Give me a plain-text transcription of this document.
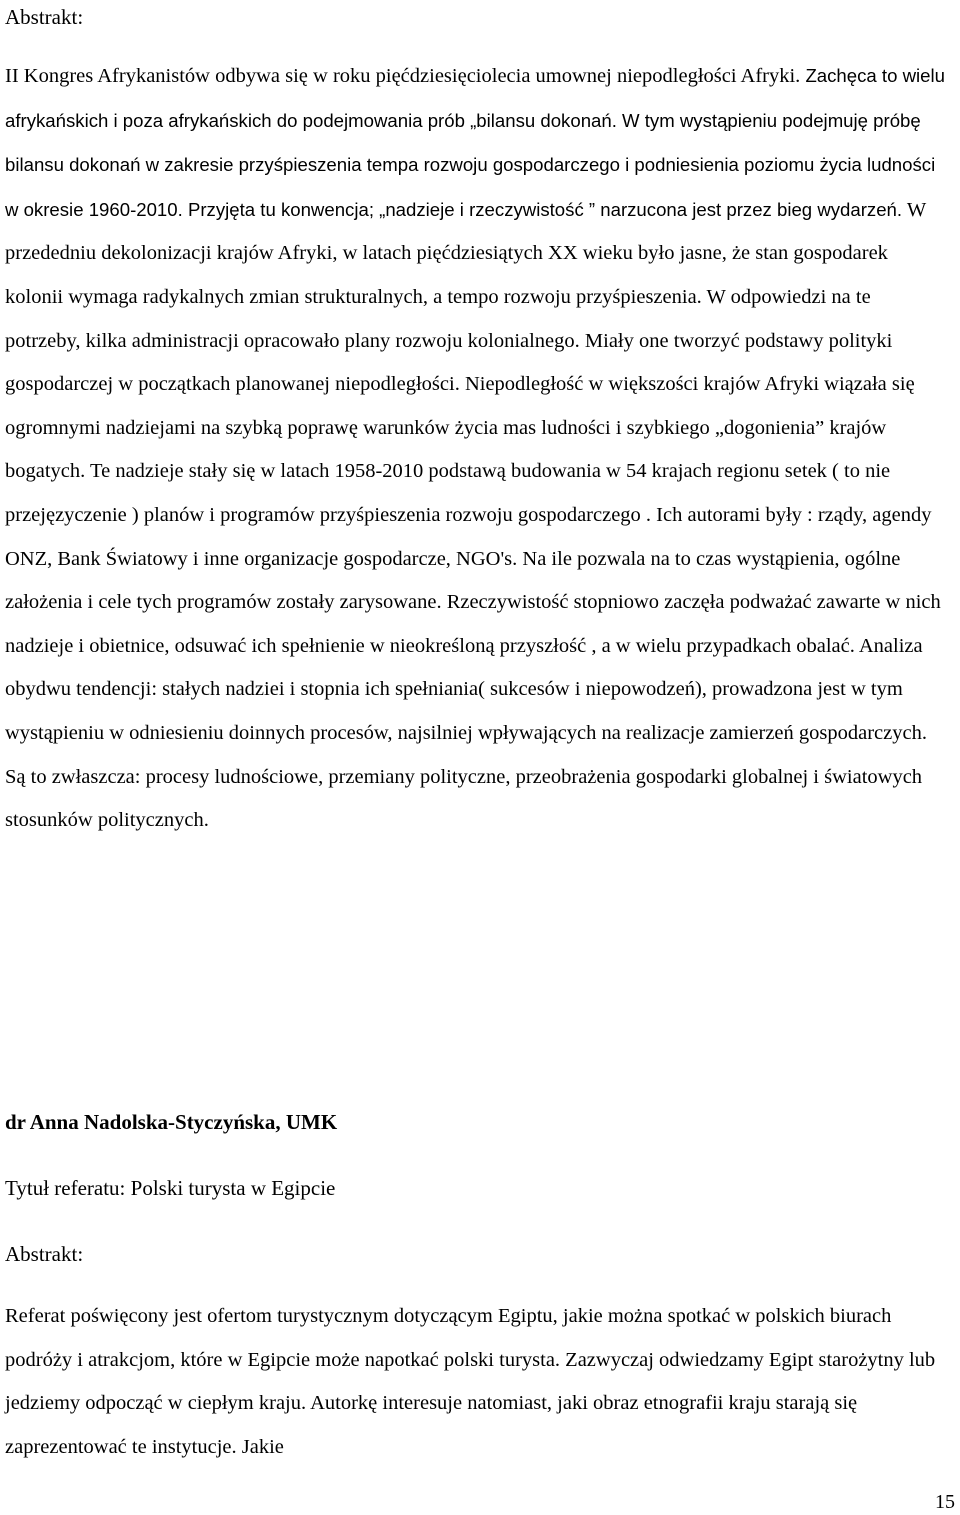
Abstrakt:
II Kongres Afrykanistów odbywa się w roku pięćdziesięciolecia umownej niepodległości Afryki. Zachęca to wielu afrykańskich i poza afrykańskich do podejmowania prób „bilansu dokonań. W tym wystąpieniu podejmuję próbę bilansu dokonań w zakresie przyśpieszenia tempa rozwoju gospodarczego i podniesienia poziomu życia ludności w okresie 1960-2010. Przyjęta tu konwencja; „nadzieje i rzeczywistość ” narzucona jest przez bieg wydarzeń. W przededniu dekolonizacji krajów Afryki, w latach pięćdziesiątych XX wieku było jasne, że stan gospodarek kolonii wymaga radykalnych zmian strukturalnych, a tempo rozwoju przyśpieszenia. W odpowiedzi na te potrzeby, kilka administracji opracowało plany rozwoju kolonialnego. Miały one tworzyć podstawy polityki gospodarczej w początkach planowanej niepodległości. Niepodległość w większości krajów Afryki wiązała się ogromnymi nadziejami na szybką poprawę warunków życia mas ludności i szybkiego „dogonienia” krajów bogatych. Te nadzieje stały się w latach 1958-2010 podstawą budowania w 54 krajach regionu setek ( to nie przejęzyczenie ) planów i programów przyśpieszenia rozwoju gospodarczego . Ich autorami były : rządy, agendy ONZ, Bank Światowy i inne organizacje gospodarcze, NGO's. Na ile pozwala na to czas wystąpienia, ogólne założenia i cele tych programów zostały zarysowane. Rzeczywistość stopniowo zaczęła podważać zawarte w nich nadzieje i obietnice, odsuwać ich spełnienie w nieokreśloną przyszłość , a w wielu przypadkach obalać. Analiza obydwu tendencji: stałych nadziei i stopnia ich spełniania( sukcesów i niepowodzeń), prowadzona jest w tym wystąpieniu w odniesieniu doinnych procesów, najsilniej wpływających na realizacje zamierzeń gospodarczych. Są to zwłaszcza: procesy ludnościowe, przemiany polityczne, przeobrażenia gospodarki globalnej i światowych stosunków politycznych.
dr Anna Nadolska-Styczyńska, UMK
Tytuł referatu: Polski turysta w Egipcie
Abstrakt:
Referat poświęcony jest ofertom turystycznym dotyczącym Egiptu, jakie można spotkać w polskich biurach podróży i atrakcjom, które w Egipcie może napotkać polski turysta. Zazwyczaj odwiedzamy Egipt starożytny lub jedziemy odpocząć w ciepłym kraju. Autorkę interesuje natomiast, jaki obraz etnografii kraju starają się zaprezentować te instytucje. Jakie
15
